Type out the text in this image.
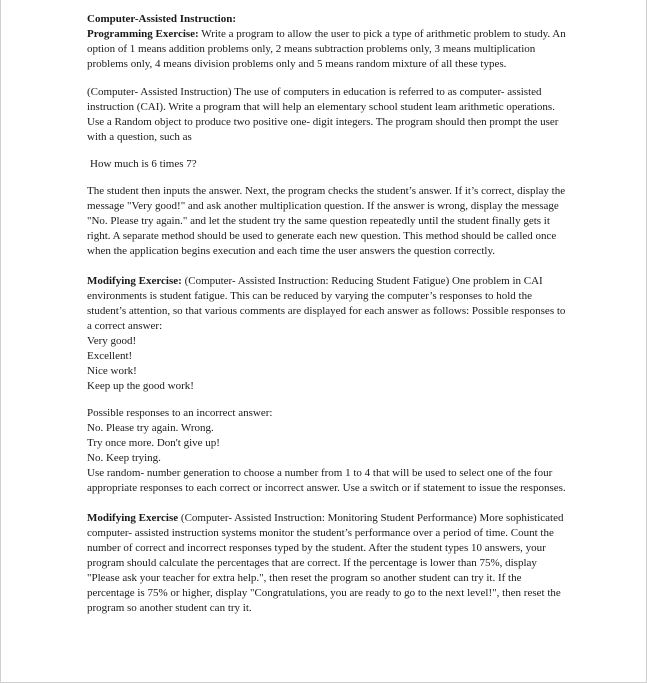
Computer-Assisted Instruction:

Programming Exercise: Write a program to allow the user to pick a type of arithmetic problem to study. An option of 1 means addition problems only, 2 means subtraction problems only, 3 means multiplication problems only, 4 means division problems only and 5 means random mixture of all these types.

(Computer- Assisted Instruction) The use of computers in education is referred to as computer- assisted instruction (CAI). Write a program that will help an elementary school student leam arithmetic operations. Use a Random object to produce two positive one- digit integers. The program should then prompt the user with a question, such as

How much is 6 times 7?

The student then inputs the answer. Next, the program checks the student’s answer. If it’s correct, display the message "Very good!" and ask another multiplication question. If the answer is wrong, display the message "No. Please try again." and let the student try the same question repeatedly until the student finally gets it right. A separate method should be used to generate each new question. This method should be called once when the application begins execution and each time the user answers the question correctly.

Modifying Exercise: (Computer- Assisted Instruction: Reducing Student Fatigue) One problem in CAI environments is student fatigue. This can be reduced by varying the computer’s responses to hold the student’s attention, so that various comments are displayed for each answer as follows: Possible responses to a correct answer:

Very good!

Excellent!

Nice work!

Keep up the good work!

Possible responses to an incorrect answer:

No. Please try again. Wrong.

Try once more. Don't give up!

No. Keep trying.

Use random- number generation to choose a number from 1 to 4 that will be used to select one of the four appropriate responses to each correct or incorrect answer. Use a switch or if statement to issue the responses.

Modifying Exercise (Computer- Assisted Instruction: Monitoring Student Performance) More sophisticated computer- assisted instruction systems monitor the student’s performance over a period of time. Count the number of correct and incorrect responses typed by the student. After the student types 10 answers, your program should calculate the percentages that are correct. If the percentage is lower than 75%, display "Please ask your teacher for extra help.", then reset the program so another student can try it. If the percentage is 75% or higher, display "Congratulations, you are ready to go to the next level!", then reset the program so another student can try it.
